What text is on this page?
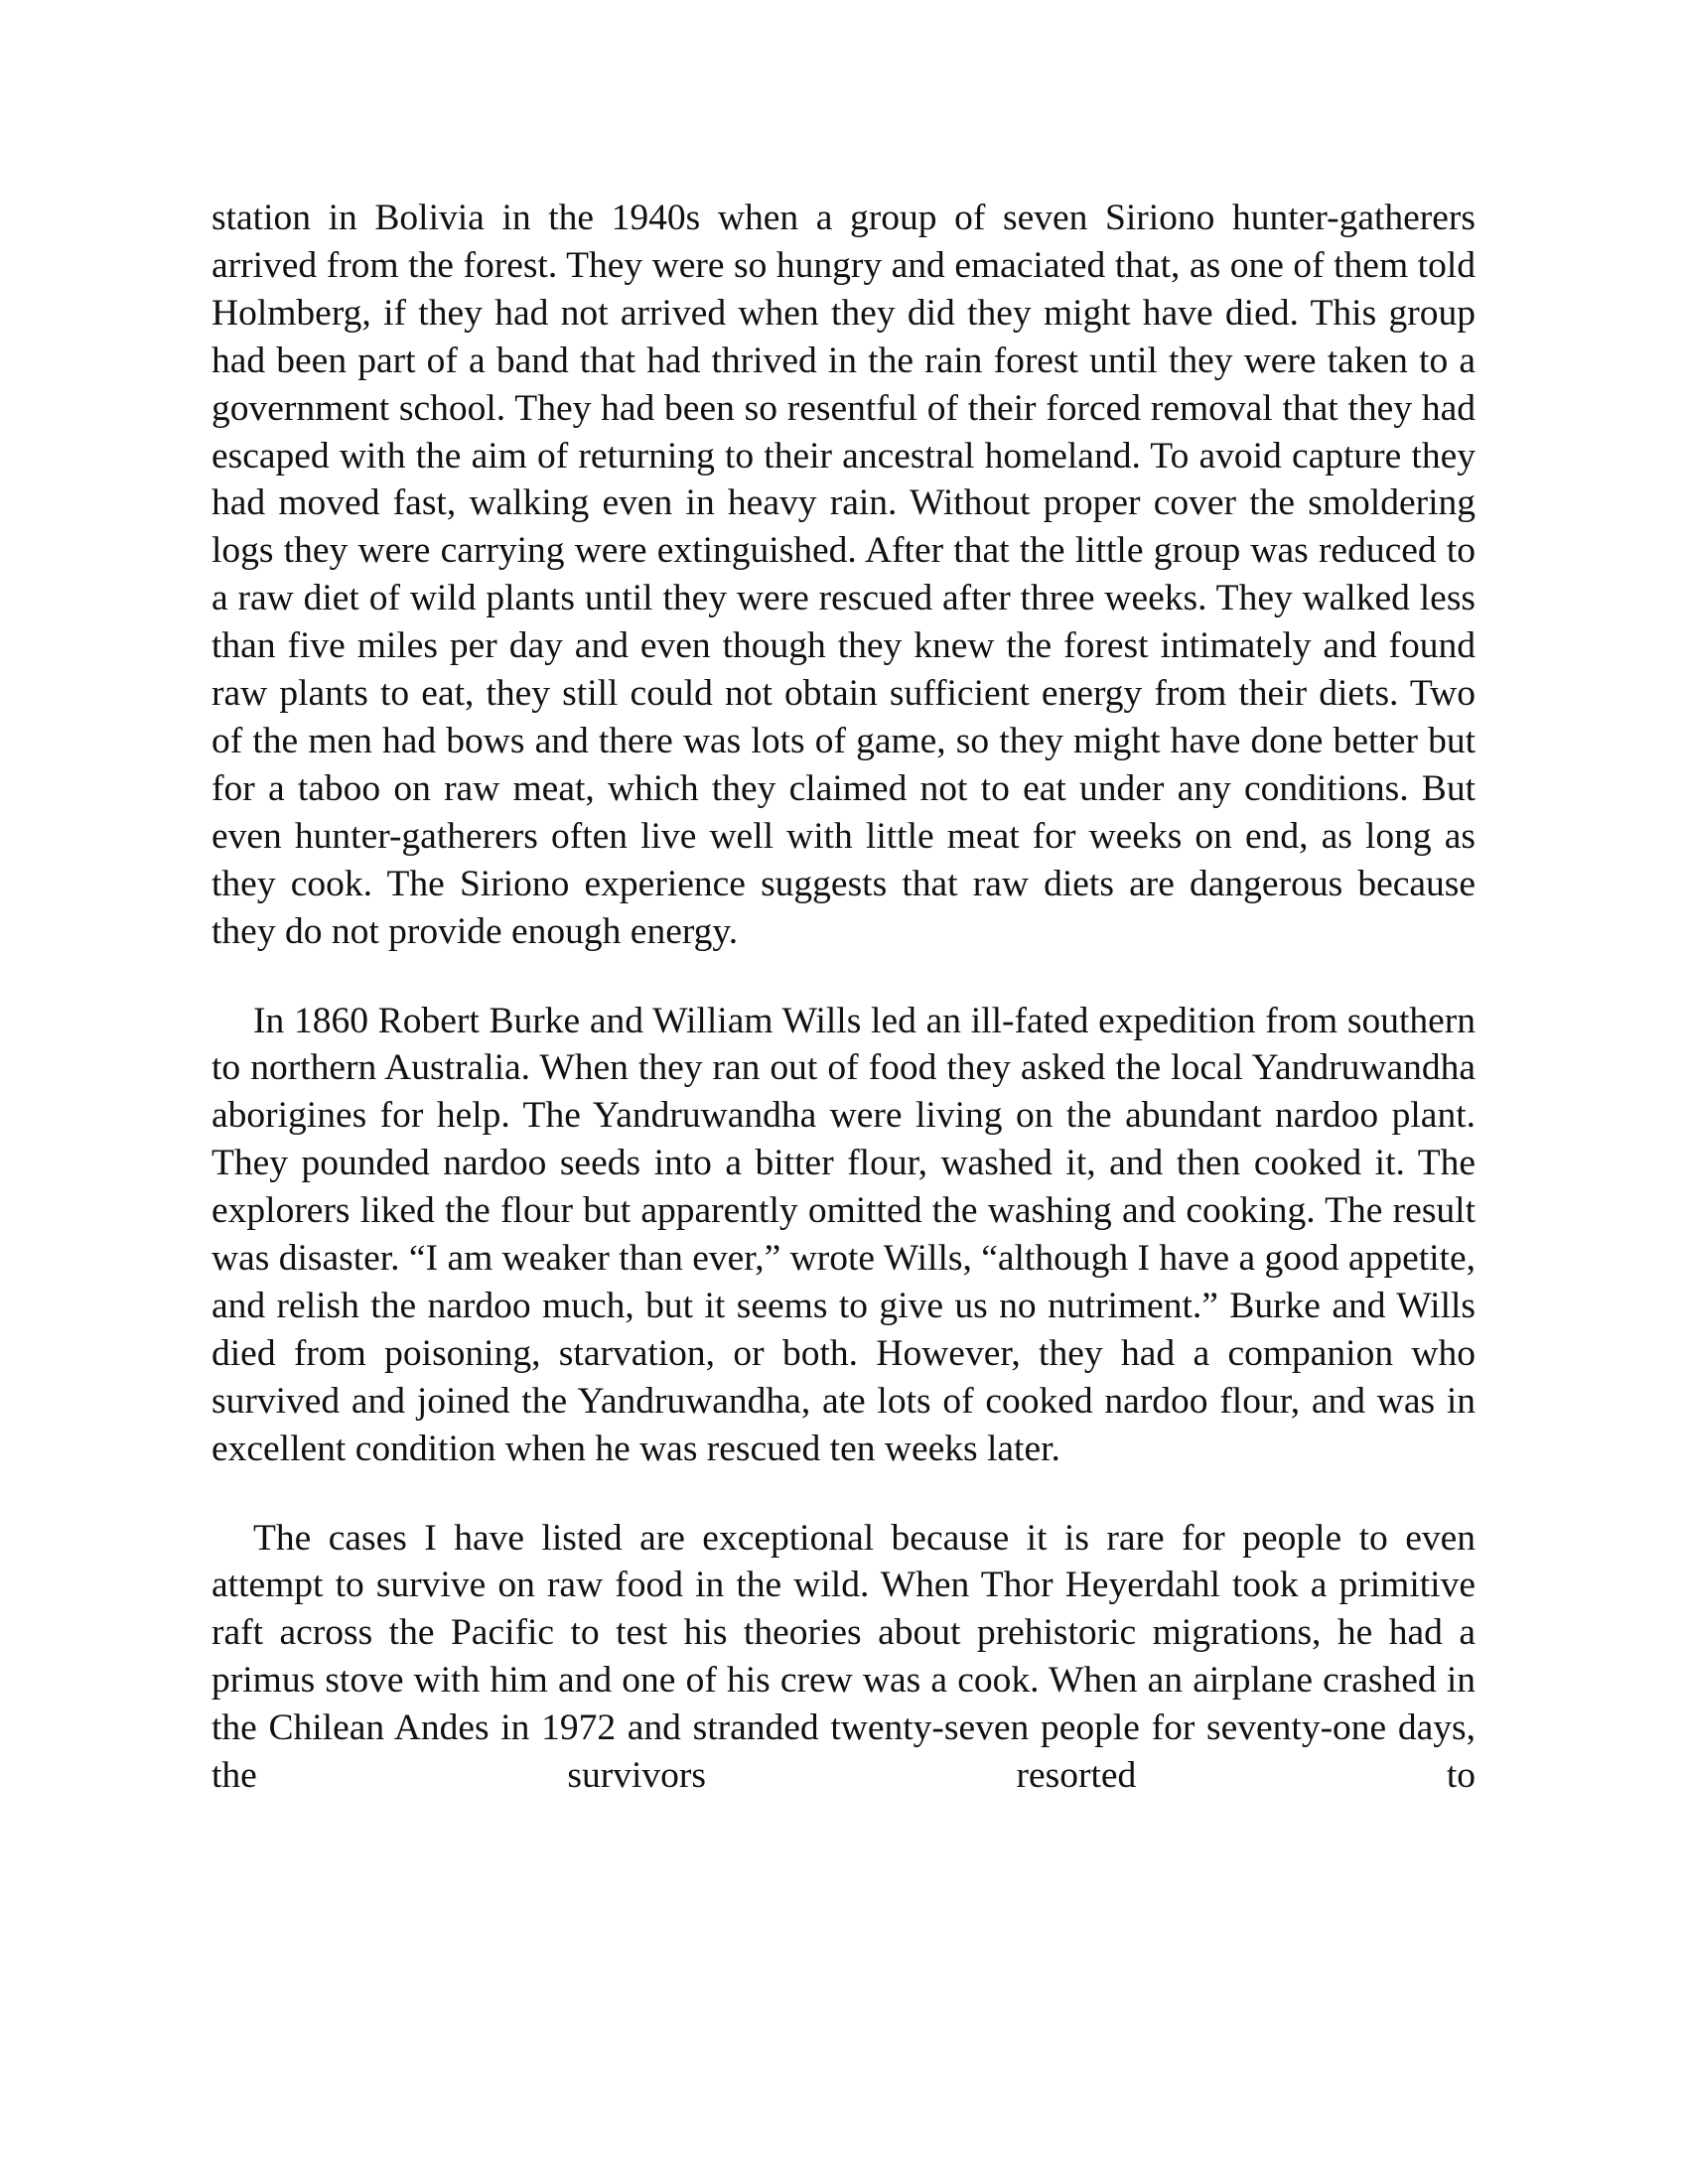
station in Bolivia in the 1940s when a group of seven Siriono hunter-gatherers arrived from the forest. They were so hungry and emaciated that, as one of them told Holmberg, if they had not arrived when they did they might have died. This group had been part of a band that had thrived in the rain forest until they were taken to a government school. They had been so resentful of their forced removal that they had escaped with the aim of returning to their ancestral homeland. To avoid capture they had moved fast, walking even in heavy rain. Without proper cover the smoldering logs they were carrying were extinguished. After that the little group was reduced to a raw diet of wild plants until they were rescued after three weeks. They walked less than five miles per day and even though they knew the forest intimately and found raw plants to eat, they still could not obtain sufficient energy from their diets. Two of the men had bows and there was lots of game, so they might have done better but for a taboo on raw meat, which they claimed not to eat under any conditions. But even hunter-gatherers often live well with little meat for weeks on end, as long as they cook. The Siriono experience suggests that raw diets are dangerous because they do not provide enough energy.

In 1860 Robert Burke and William Wills led an ill-fated expedition from southern to northern Australia. When they ran out of food they asked the local Yandruwandha aborigines for help. The Yandruwandha were living on the abundant nardoo plant. They pounded nardoo seeds into a bitter flour, washed it, and then cooked it. The explorers liked the flour but apparently omitted the washing and cooking. The result was disaster. “I am weaker than ever,” wrote Wills, “although I have a good appetite, and relish the nardoo much, but it seems to give us no nutriment.” Burke and Wills died from poisoning, starvation, or both. However, they had a companion who survived and joined the Yandruwandha, ate lots of cooked nardoo flour, and was in excellent condition when he was rescued ten weeks later.

The cases I have listed are exceptional because it is rare for people to even attempt to survive on raw food in the wild. When Thor Heyerdahl took a primitive raft across the Pacific to test his theories about prehistoric migrations, he had a primus stove with him and one of his crew was a cook. When an airplane crashed in the Chilean Andes in 1972 and stranded twenty-seven people for seventy-one days, the survivors resorted to
